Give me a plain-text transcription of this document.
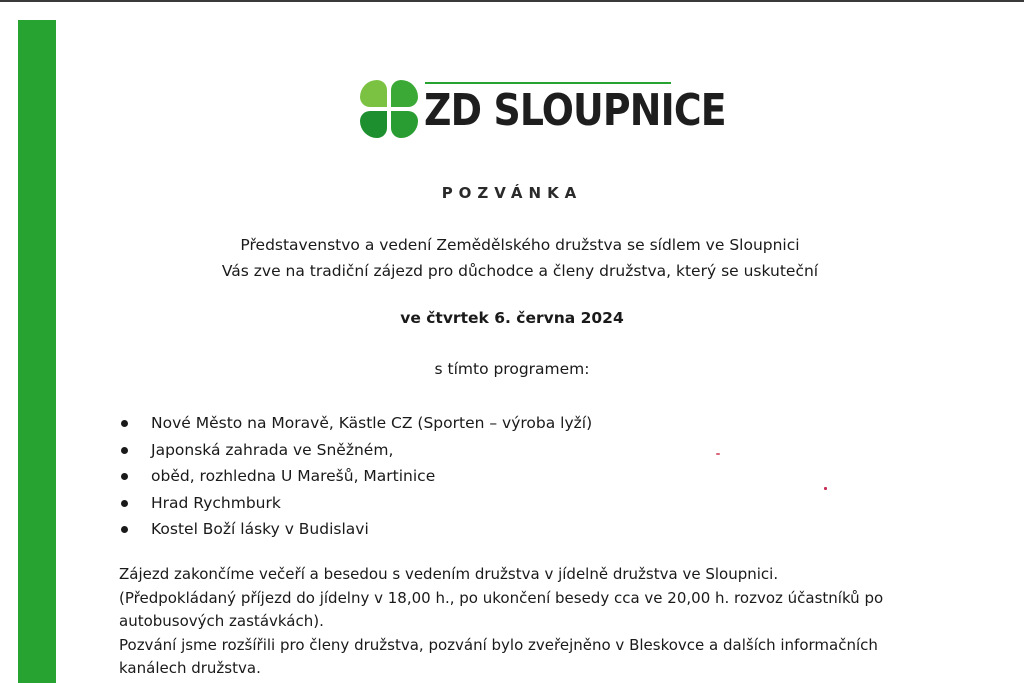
ZD SLOUPNICE
POZVÁNKA
Představenstvo a vedení Zemědělského družstva se sídlem ve Sloupnici
Vás zve na tradiční zájezd pro důchodce a členy družstva, který se uskuteční
ve čtvrtek 6. června 2024
s tímto programem:
Nové Město na Moravě, Kästle CZ (Sporten – výroba lyží)
Japonská zahrada ve Sněžném,
oběd, rozhledna U Marešů, Martinice
Hrad Rychmburk
Kostel Boží lásky v Budislavi

Zájezd zakončíme večeří a besedou s vedením družstva v jídelně družstva ve Sloupnici.

(Předpokládaný příjezd do jídelny v 18,00 h., po ukončení besedy cca ve 20,00 h. rozvoz účastníků po

autobusových zastávkách).

Pozvání jsme rozšířili pro členy družstva, pozvání bylo zveřejněno v Bleskovce a dalších informačních

kanálech družstva.
